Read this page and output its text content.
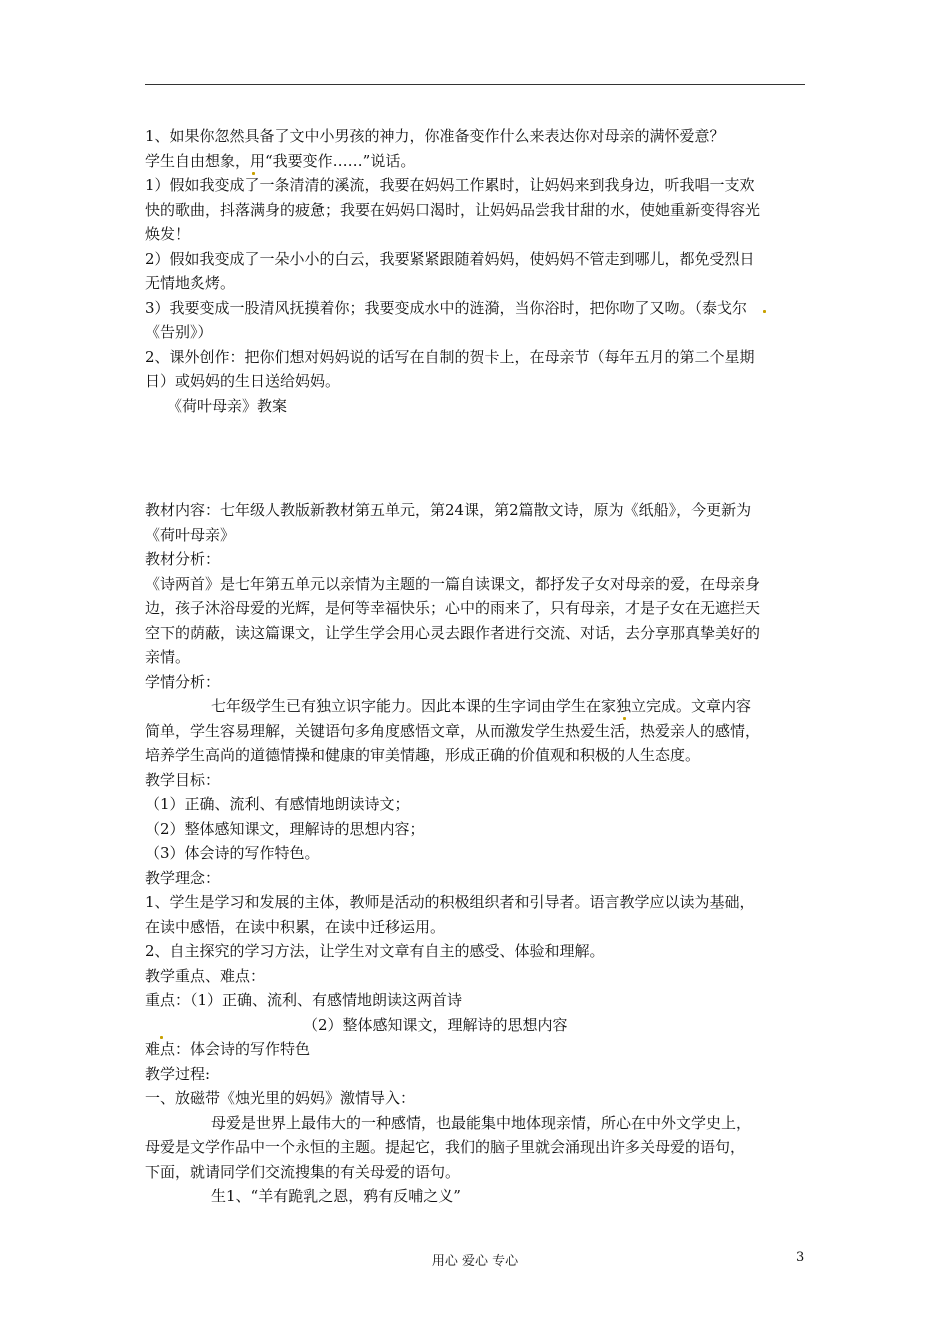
1、如果你忽然具备了文中小男孩的神力，你准备变作什么来表达你对母亲的满怀爱意？

学生自由想象，用“我要变作……”说话。

1）假如我变成了一条清清的溪流，我要在妈妈工作累时，让妈妈来到我身边，听我唱一支欢

快的歌曲，抖落满身的疲惫；我要在妈妈口渴时，让妈妈品尝我甘甜的水，使她重新变得容光

焕发！

2）假如我变成了一朵小小的白云，我要紧紧跟随着妈妈，使妈妈不管走到哪儿，都免受烈日

无情地炙烤。

3）我要变成一股清风抚摸着你；我要变成水中的涟漪，当你浴时，把你吻了又吻。（泰戈尔

《告别》）

2、课外创作：把你们想对妈妈说的话写在自制的贺卡上，在母亲节（每年五月的第二个星期

日）或妈妈的生日送给妈妈。

《荷叶母亲》教案

教材内容：七年级人教版新教材第五单元，第24课，第2篇散文诗，原为《纸船》，今更新为

《荷叶母亲》

教材分析：

《诗两首》是七年第五单元以亲情为主题的一篇自读课文，都抒发子女对母亲的爱，在母亲身

边，孩子沐浴母爱的光辉，是何等幸福快乐；心中的雨来了，只有母亲，才是子女在无遮拦天

空下的荫蔽，读这篇课文，让学生学会用心灵去跟作者进行交流、对话，去分享那真挚美好的

亲情。

学情分析：

七年级学生已有独立识字能力。因此本课的生字词由学生在家独立完成。文章内容

简单，学生容易理解，关键语句多角度感悟文章，从而激发学生热爱生活，热爱亲人的感情，

培养学生高尚的道德情操和健康的审美情趣，形成正确的价值观和积极的人生态度。

教学目标：

（1）正确、流利、有感情地朗读诗文；

（2）整体感知课文，理解诗的思想内容；

（3）体会诗的写作特色。

教学理念：

1、学生是学习和发展的主体，教师是活动的积极组织者和引导者。语言教学应以读为基础，

在读中感悟，在读中积累，在读中迁移运用。

2、自主探究的学习方法，让学生对文章有自主的感受、体验和理解。

教学重点、难点：

重点：（1）正确、流利、有感情地朗读这两首诗

（2）整体感知课文，理解诗的思想内容

难点：体会诗的写作特色

教学过程:

一、放磁带《烛光里的妈妈》激情导入：

母爱是世界上最伟大的一种感情，也最能集中地体现亲情，所心在中外文学史上，

母爱是文学作品中一个永恒的主题。提起它，我们的脑子里就会涌现出许多关母爱的语句，

下面，就请同学们交流搜集的有关母爱的语句。

生1、“羊有跪乳之恩，鸦有反哺之义”

用心 爱心 专心	3
